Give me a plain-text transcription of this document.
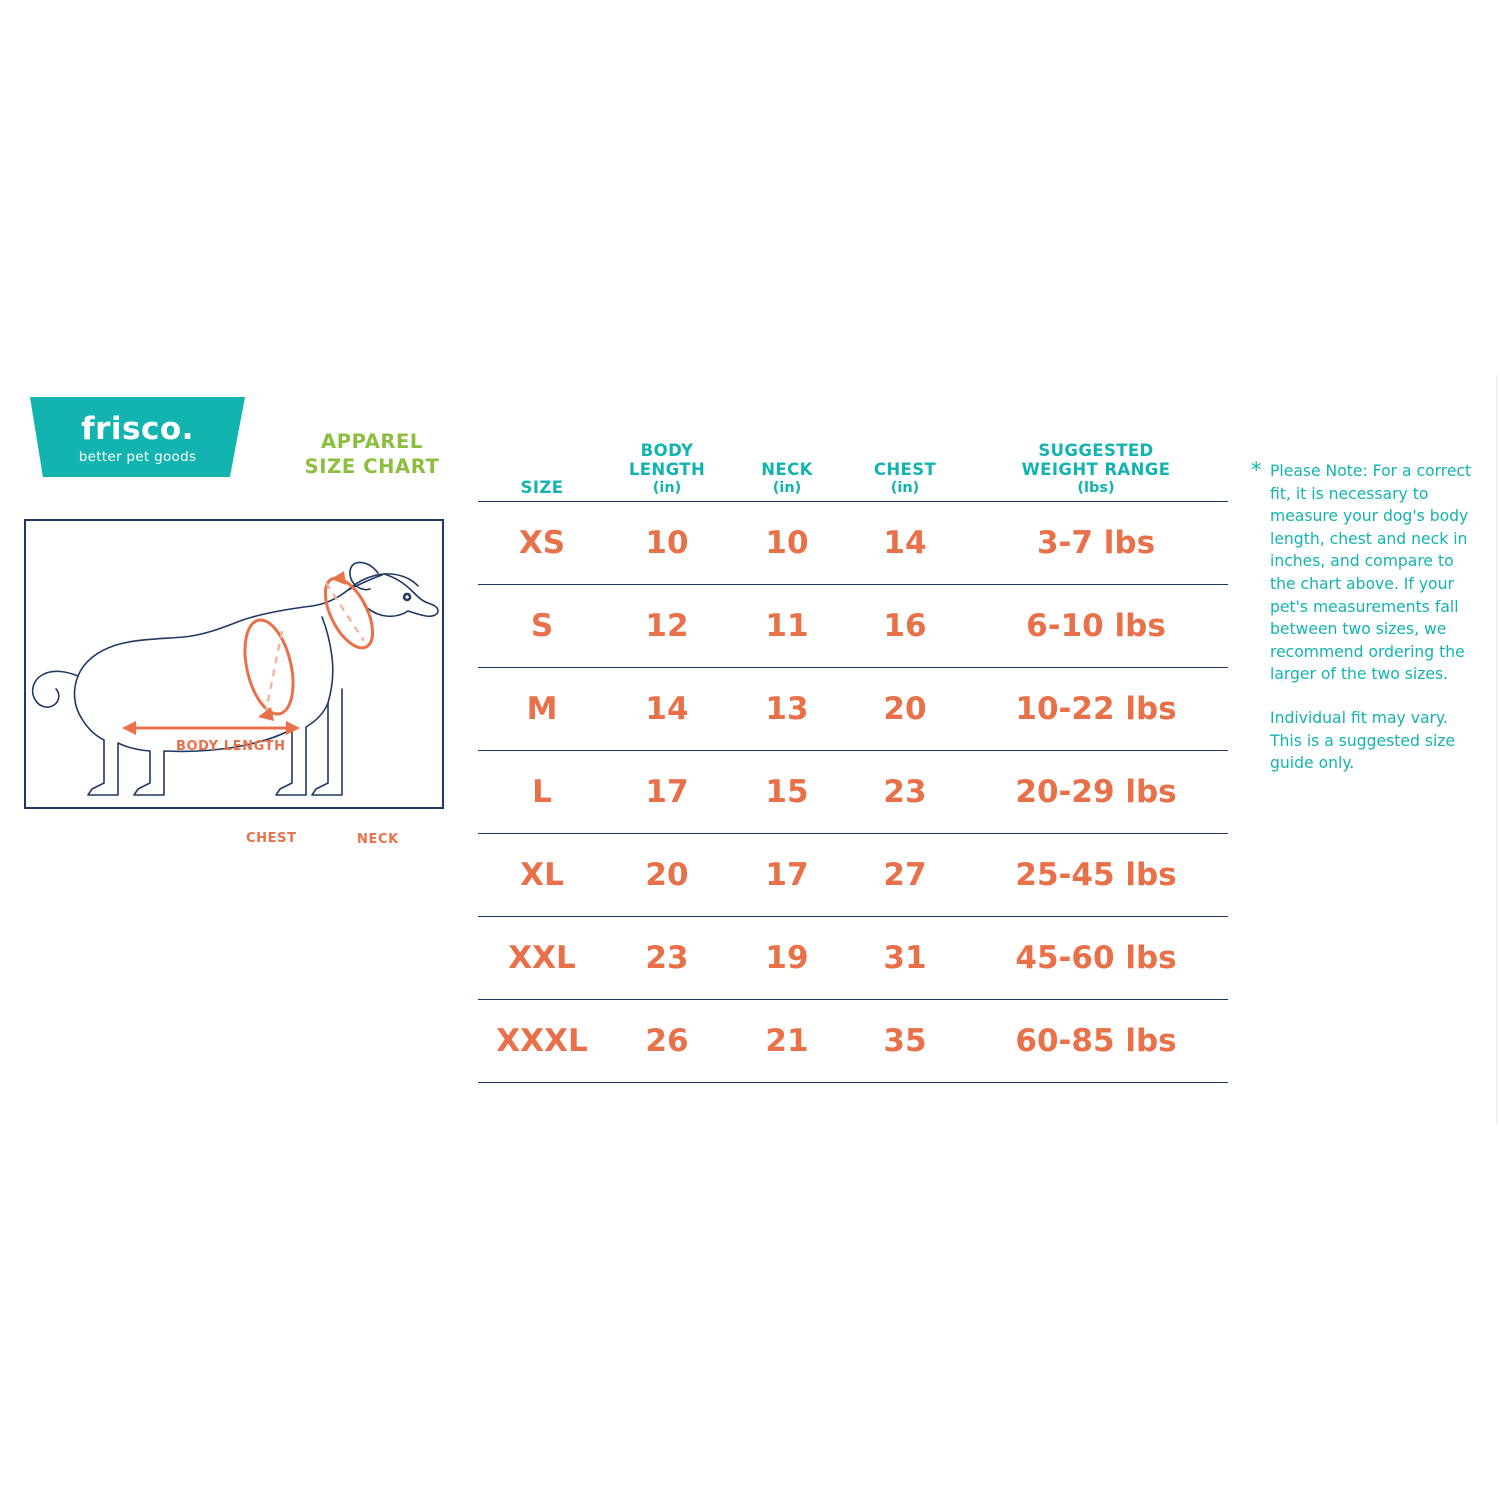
frisco.
better pet goods
APPAREL
SIZE CHART
BODY LENGTH
CHEST	NECK
SIZE
BODY
LENGTH
(in)
NECK
(in)
CHEST
(in)
SUGGESTED
WEIGHT RANGE
(lbs)
XS	10	10	14	3-7 lbs
S	12	11	16	6-10 lbs
M	14	13	20	10-22 lbs
L	17	15	23	20-29 lbs
XL	20	17	27	25-45 lbs
XXL	23	19	31	45-60 lbs
XXXL	26	21	35	60-85 lbs
* Please Note: For a correct fit, it is necessary to measure your dog's body length, chest and neck in inches, and compare to the chart above. If your pet's measurements fall between two sizes, we recommend ordering the larger of the two sizes.
Individual fit may vary. This is a suggested size guide only.
